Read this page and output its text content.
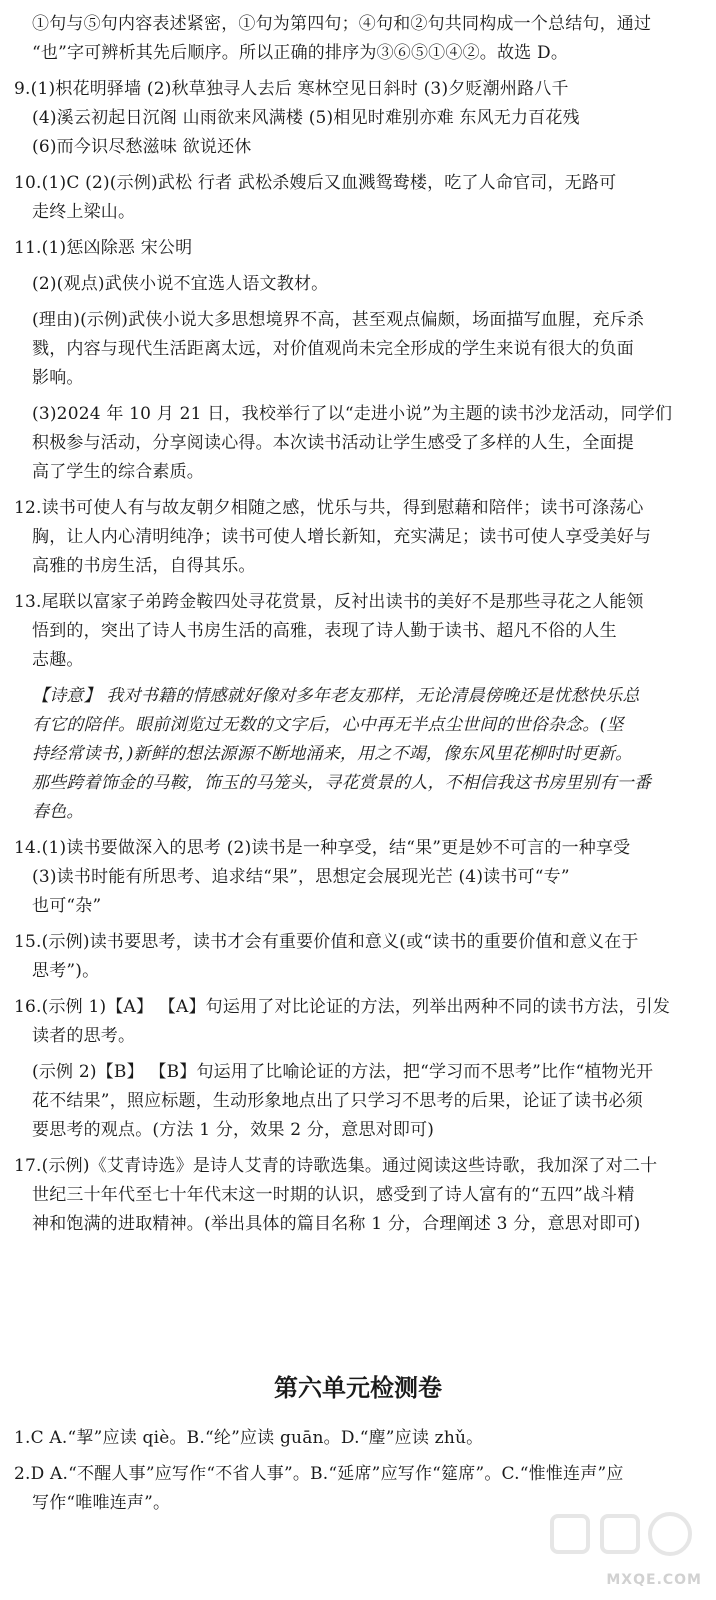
①句与⑤句内容表述紧密，①句为第四句；④句和②句共同构成一个总结句，通过
“也”字可辨析其先后顺序。所以正确的排序为③⑥⑤①④②。故选 D。
9.(1)枳花明驿墙 (2)秋草独寻人去后 寒林空见日斜时 (3)夕贬潮州路八千
(4)溪云初起日沉阁 山雨欲来风满楼 (5)相见时难别亦难 东风无力百花残
(6)而今识尽愁滋味 欲说还休
10.(1)C (2)(示例)武松 行者 武松杀嫂后又血溅鸳鸯楼，吃了人命官司，无路可
走终上梁山。
11.(1)惩凶除恶 宋公明
(2)(观点)武侠小说不宜选人语文教材。
(理由)(示例)武侠小说大多思想境界不高，甚至观点偏颇，场面描写血腥，充斥杀
戮，内容与现代生活距离太远，对价值观尚未完全形成的学生来说有很大的负面
影响。
(3)2024 年 10 月 21 日，我校举行了以“走进小说”为主题的读书沙龙活动，同学们
积极参与活动，分享阅读心得。本次读书活动让学生感受了多样的人生，全面提
高了学生的综合素质。
12.读书可使人有与故友朝夕相随之感，忧乐与共，得到慰藉和陪伴；读书可涤荡心
胸，让人内心清明纯净；读书可使人增长新知，充实满足；读书可使人享受美好与
高雅的书房生活，自得其乐。
13.尾联以富家子弟跨金鞍四处寻花赏景，反衬出读书的美好不是那些寻花之人能领
悟到的，突出了诗人书房生活的高雅，表现了诗人勤于读书、超凡不俗的人生
志趣。
【诗意】 我对书籍的情感就好像对多年老友那样，无论清晨傍晚还是忧愁快乐总
有它的陪伴。眼前浏览过无数的文字后，心中再无半点尘世间的世俗杂念。(坚
持经常读书，)新鲜的想法源源不断地涌来，用之不竭，像东风里花柳时时更新。
那些跨着饰金的马鞍，饰玉的马笼头，寻花赏景的人，不相信我这书房里别有一番
春色。
14.(1)读书要做深入的思考 (2)读书是一种享受，结“果”更是妙不可言的一种享受
(3)读书时能有所思考、追求结“果”，思想定会展现光芒 (4)读书可“专”
也可“杂”
15.(示例)读书要思考，读书才会有重要价值和意义(或“读书的重要价值和意义在于
思考”)。
16.(示例 1)【A】 【A】句运用了对比论证的方法，列举出两种不同的读书方法，引发
读者的思考。
(示例 2)【B】 【B】句运用了比喻论证的方法，把“学习而不思考”比作“植物光开
花不结果”，照应标题，生动形象地点出了只学习不思考的后果，论证了读书必须
要思考的观点。(方法 1 分，效果 2 分，意思对即可)
17.(示例)《艾青诗选》是诗人艾青的诗歌选集。通过阅读这些诗歌，我加深了对二十
世纪三十年代至七十年代末这一时期的认识，感受到了诗人富有的“五四”战斗精
神和饱满的进取精神。(举出具体的篇目名称 1 分，合理阐述 3 分，意思对即可)
第六单元检测卷
1.C A.“挈”应读 qiè。B.“纶”应读 guān。D.“麈”应读 zhǔ。
2.D A.“不醒人事”应写作“不省人事”。B.“延席”应写作“筵席”。C.“惟惟连声”应
写作“唯唯连声”。
MXQE.COM
